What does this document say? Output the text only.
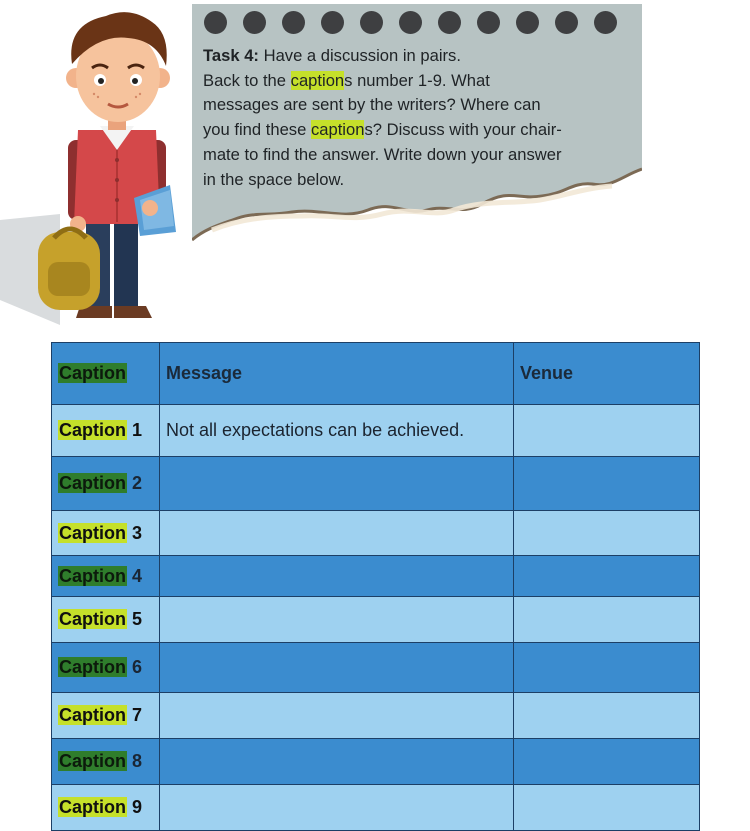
Task 4: Have a discussion in pairs.
Back to the captions number 1-9. What
messages are sent by the writers? Where can
you find these captions? Discuss with your chair-
mate to find the answer. Write down your answer
in the space below.
Caption	Message	Venue
Caption 1	Not all expectations can be achieved.	
Caption 2		
Caption 3		
Caption 4		
Caption 5		
Caption 6		
Caption 7		
Caption 8		
Caption 9		
